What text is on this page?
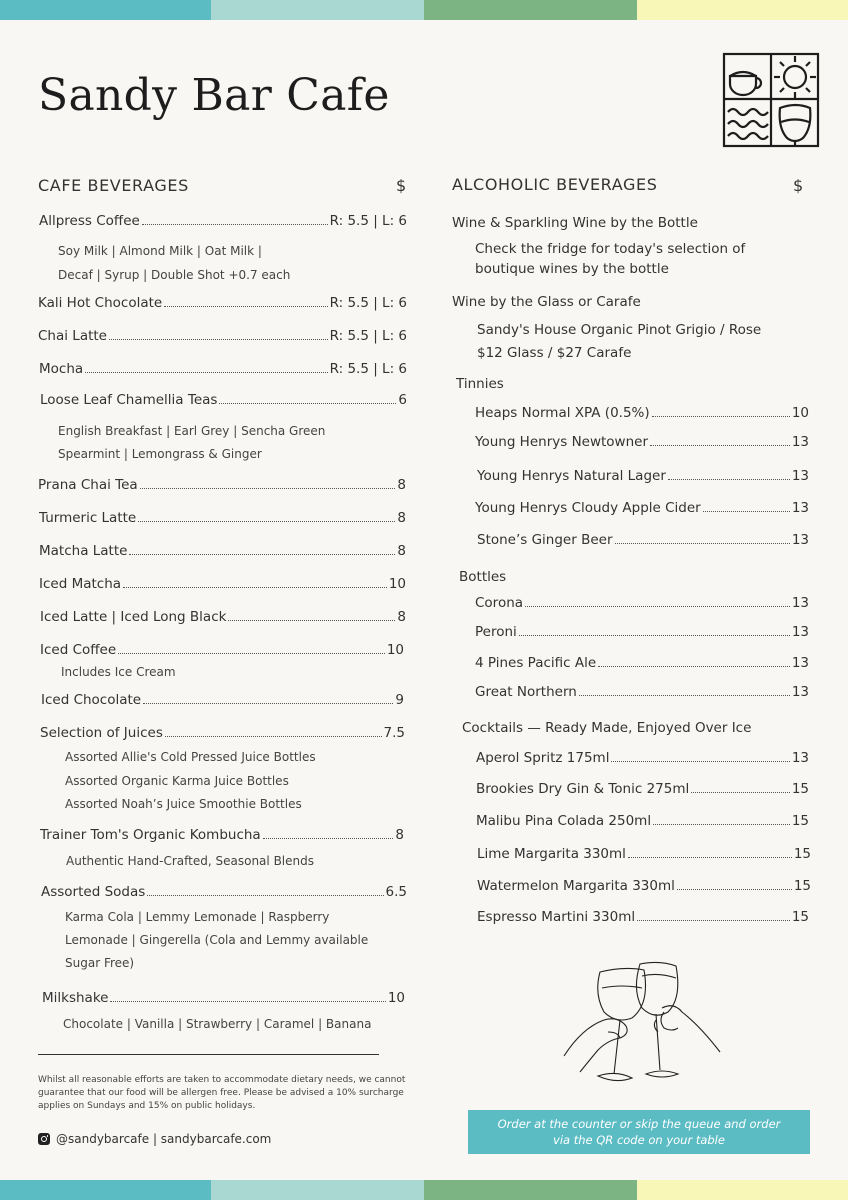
Sandy Bar Cafe
CAFE BEVERAGES	$
Allpress Coffee	R: 5.5 | L: 6
Soy Milk | Almond Milk | Oat Milk |
Decaf | Syrup | Double Shot +0.7 each
Kali Hot Chocolate	R: 5.5 | L: 6
Chai Latte	R: 5.5 | L: 6
Mocha	R: 5.5 | L: 6
Loose Leaf Chamellia Teas	6
English Breakfast | Earl Grey | Sencha Green
Spearmint | Lemongrass & Ginger
Prana Chai Tea	8
Turmeric Latte	8
Matcha Latte	8
Iced Matcha	10
Iced Latte | Iced Long Black	8
Iced Coffee	10
Includes Ice Cream
Iced Chocolate	9
Selection of Juices	7.5
Assorted Allie's Cold Pressed Juice Bottles
Assorted Organic Karma Juice Bottles
Assorted Noah’s Juice Smoothie Bottles
Trainer Tom's Organic Kombucha	8
Authentic Hand-Crafted, Seasonal Blends
Assorted Sodas	6.5
Karma Cola | Lemmy Lemonade | Raspberry
Lemonade | Gingerella (Cola and Lemmy available
Sugar Free)
Milkshake	10
Chocolate | Vanilla | Strawberry | Caramel | Banana
ALCOHOLIC BEVERAGES	$
Wine & Sparkling Wine by the Bottle
Check the fridge for today's selection of
boutique wines by the bottle
Wine by the Glass or Carafe
Sandy's House Organic Pinot Grigio / Rose
$12 Glass / $27 Carafe
Tinnies
Heaps Normal XPA (0.5%)	10
Young Henrys Newtowner	13
Young Henrys Natural Lager	13
Young Henrys Cloudy Apple Cider	13
Stone’s Ginger Beer	13
Bottles
Corona	13
Peroni	13
4 Pines Pacific Ale	13
Great Northern	13
Cocktails — Ready Made, Enjoyed Over Ice
Aperol Spritz 175ml	13
Brookies Dry Gin & Tonic 275ml	15
Malibu Pina Colada 250ml	15
Lime Margarita 330ml	15
Watermelon Margarita 330ml	15
Espresso Martini 330ml	15
Whilst all reasonable efforts are taken to accommodate dietary needs, we cannot guarantee that our food will be allergen free. Please be advised a 10% surcharge applies on Sundays and 15% on public holidays.
@sandybarcafe | sandybarcafe.com
Order at the counter or skip the queue and order
via the QR code on your table
